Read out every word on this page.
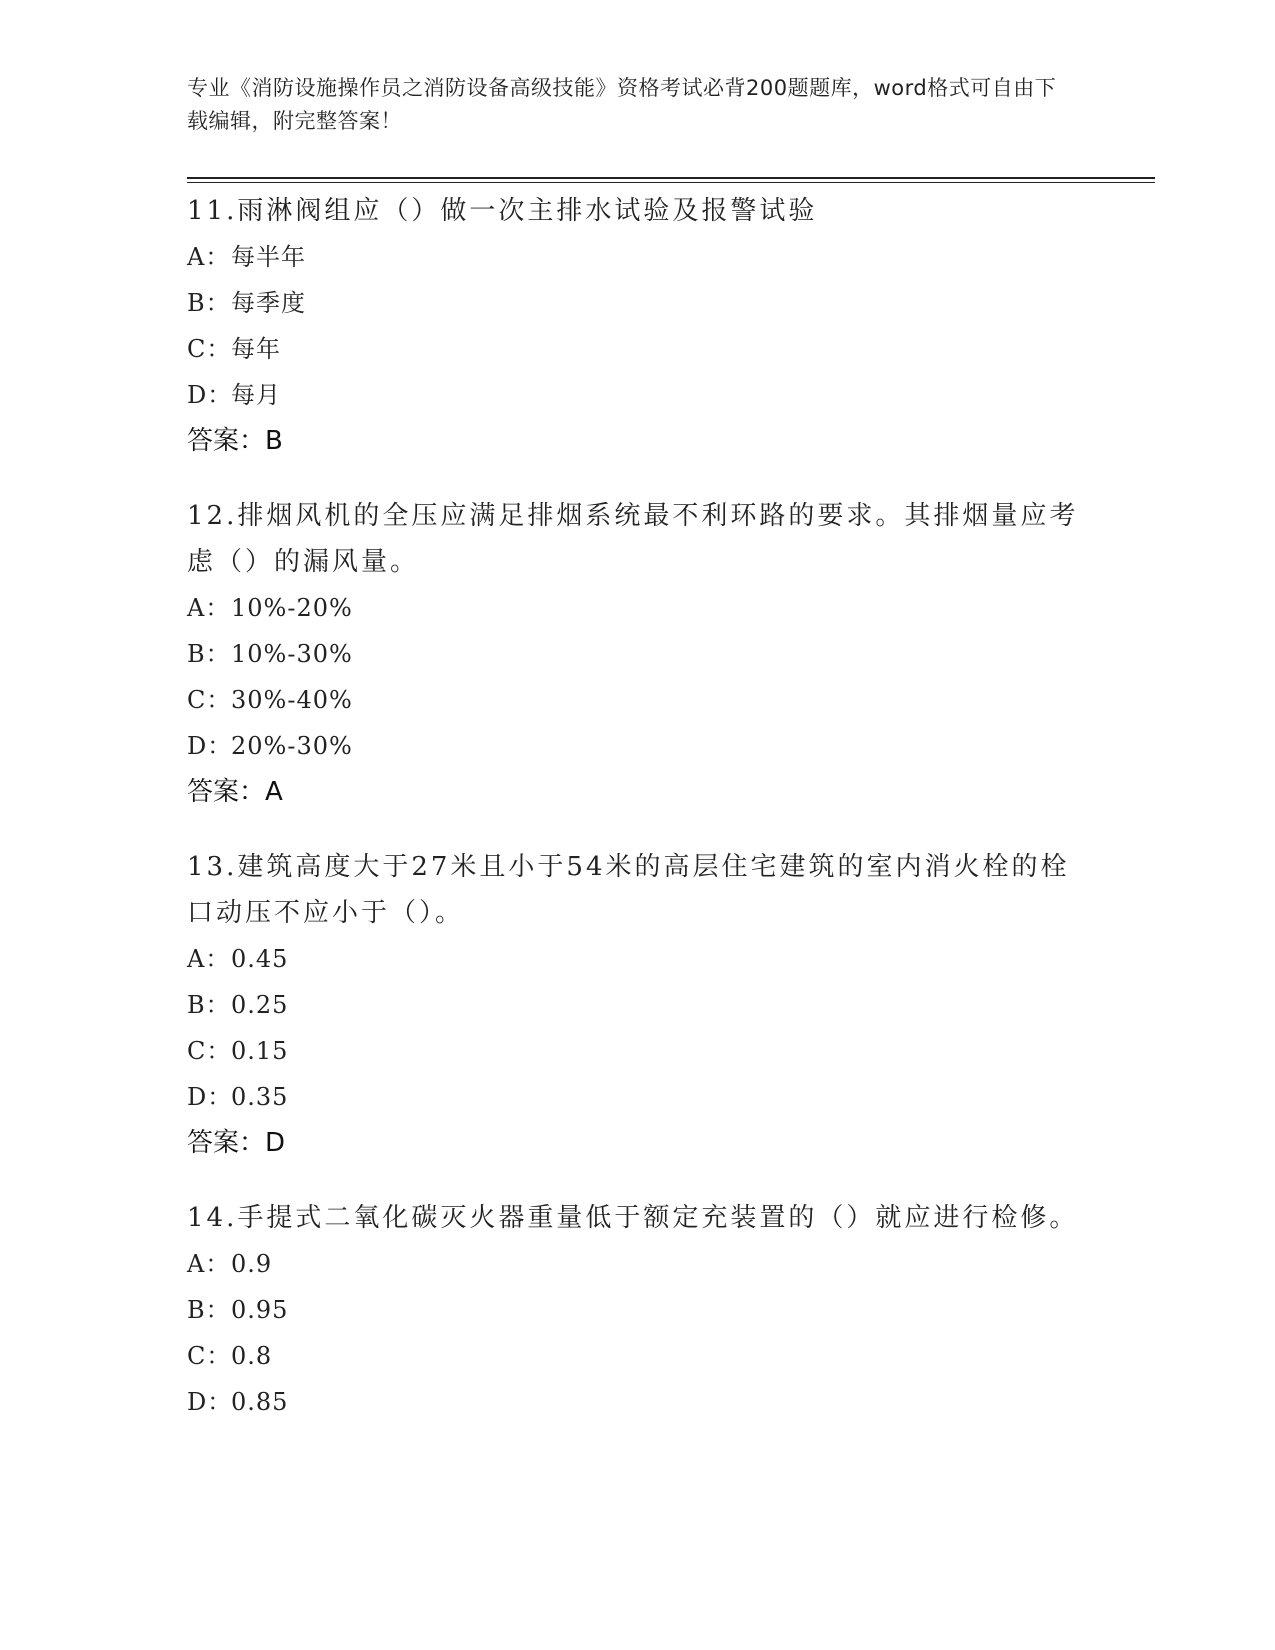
专业《消防设施操作员之消防设备高级技能》资格考试必背200题题库，word格式可自由下载编辑，附完整答案！

11.雨淋阀组应（）做一次主排水试验及报警试验

A：每半年

B：每季度

C：每年

D：每月

答案：B

12.排烟风机的全压应满足排烟系统最不利环路的要求。其排烟量应考虑（）的漏风量。

A：10%-20%

B：10%-30%

C：30%-40%

D：20%-30%

答案：A

13.建筑高度大于27米且小于54米的高层住宅建筑的室内消火栓的栓口动压不应小于（）。

A：0.45

B：0.25

C：0.15

D：0.35

答案：D

14.手提式二氧化碳灭火器重量低于额定充装置的（）就应进行检修。

A：0.9

B：0.95

C：0.8

D：0.85
